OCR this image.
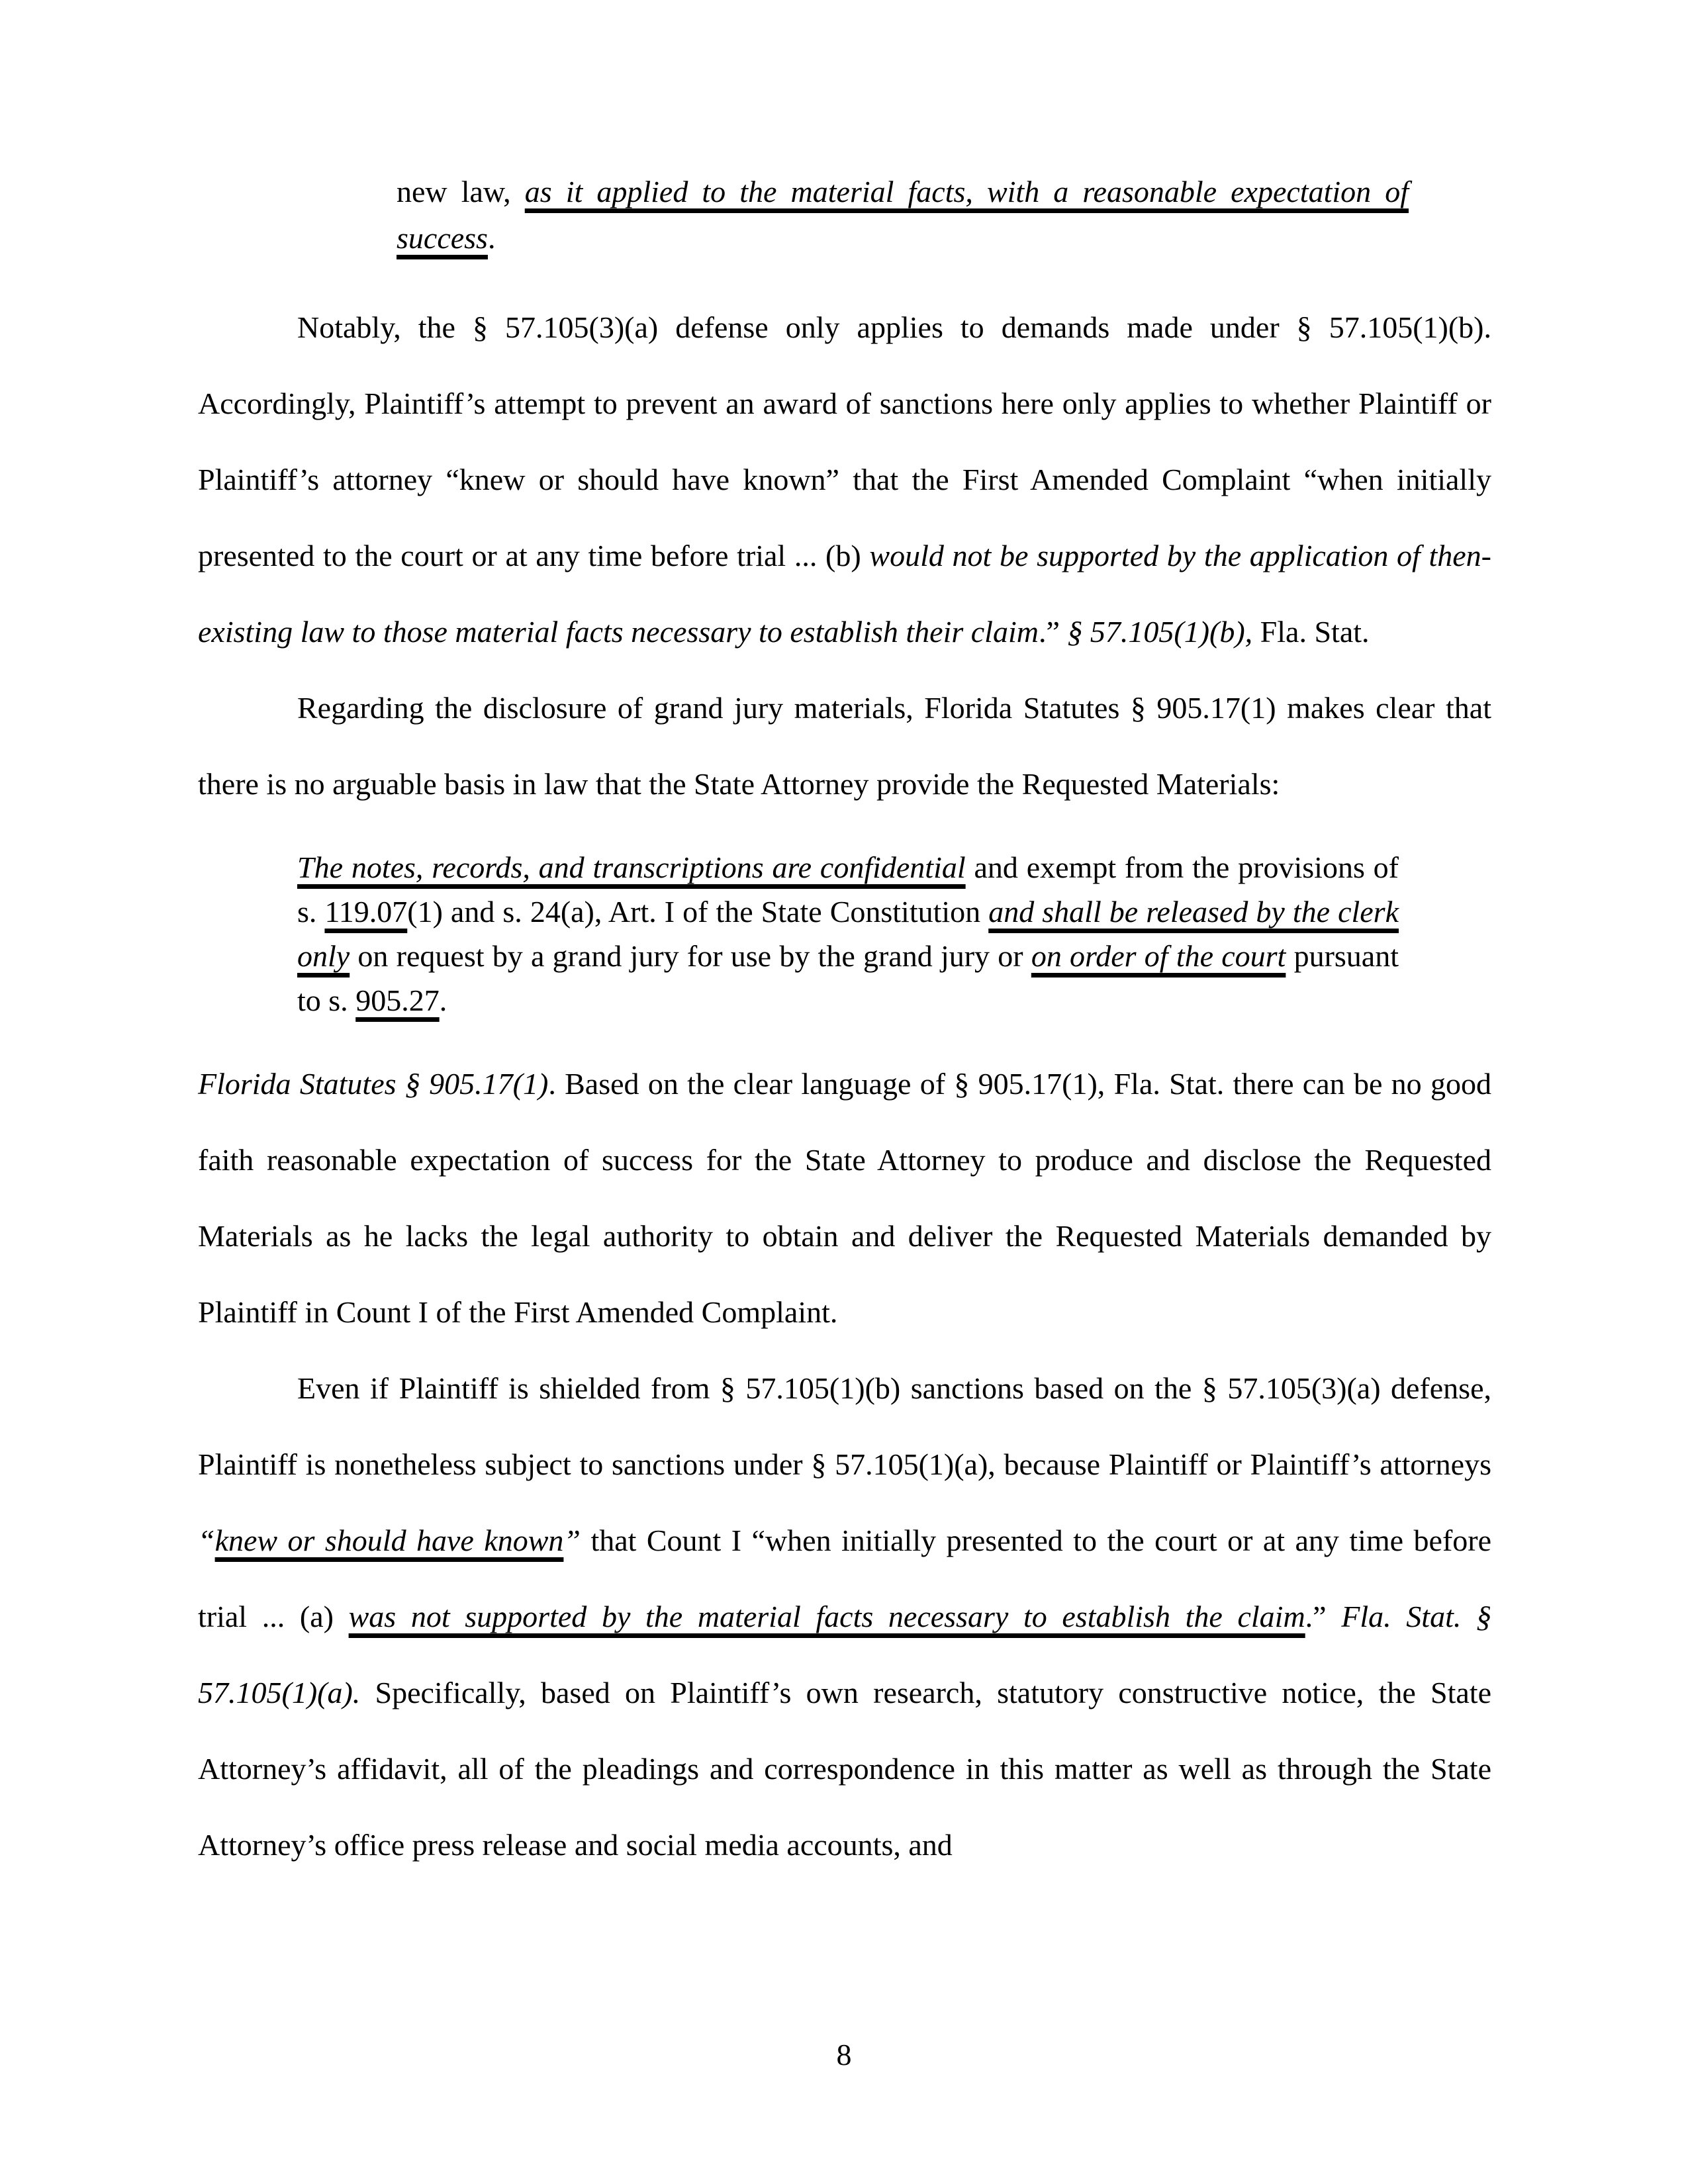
new law, as it applied to the material facts, with a reasonable expectation of success.

Notably, the § 57.105(3)(a) defense only applies to demands made under § 57.105(1)(b). Accordingly, Plaintiff’s attempt to prevent an award of sanctions here only applies to whether Plaintiff or Plaintiff’s attorney “knew or should have known” that the First Amended Complaint “when initially presented to the court or at any time before trial ... (b) would not be supported by the application of then-existing law to those material facts necessary to establish their claim.” § 57.105(1)(b), Fla. Stat.

Regarding the disclosure of grand jury materials, Florida Statutes § 905.17(1) makes clear that there is no arguable basis in law that the State Attorney provide the Requested Materials:

The notes, records, and transcriptions are confidential and exempt from the provisions of s. 119.07(1) and s. 24(a), Art. I of the State Constitution and shall be released by the clerk only on request by a grand jury for use by the grand jury or on order of the court pursuant to s. 905.27.

Florida Statutes § 905.17(1). Based on the clear language of § 905.17(1), Fla. Stat. there can be no good faith reasonable expectation of success for the State Attorney to produce and disclose the Requested Materials as he lacks the legal authority to obtain and deliver the Requested Materials demanded by Plaintiff in Count I of the First Amended Complaint.

Even if Plaintiff is shielded from § 57.105(1)(b) sanctions based on the § 57.105(3)(a) defense, Plaintiff is nonetheless subject to sanctions under § 57.105(1)(a), because Plaintiff or Plaintiff’s attorneys “knew or should have known” that Count I “when initially presented to the court or at any time before trial ... (a) was not supported by the material facts necessary to establish the claim.” Fla. Stat. § 57.105(1)(a). Specifically, based on Plaintiff’s own research, statutory constructive notice, the State Attorney’s affidavit, all of the pleadings and correspondence in this matter as well as through the State Attorney’s office press release and social media accounts, and

8
